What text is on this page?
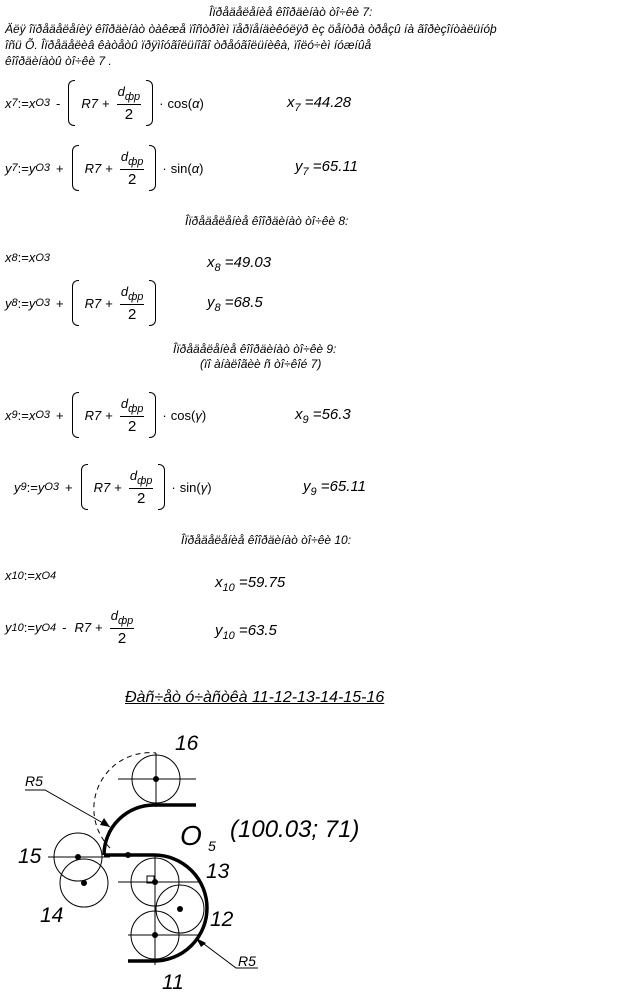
Îïðåäåëåíèå êîîðäèíàò òî÷êè 7:
Äëÿ îïðåäåëåíèÿ êîîðäèíàò òàêæå ïîñòðîèì ïåðïåíäèêóëÿð èç öåíòðà òðåçû íà ãîðèçîíòàëüíóþ
îñü Õ. Îïðåäåëèâ êàòåòû ïðÿìîóãîëüíîãî òðåóãîëüíèêà, ïîëó÷èì íóæíûå
êîîðäèíàòû òî÷êè 7 .
x 7 := x $O3 - R7 + \frac{d_{фр}}{2} \cdot \cos$ ( α )	$x_7 =44.28$
y 7 := y $O3 + R7 + \frac{d_{фр}}{2} \cdot \sin$ ( α )	$y_7 =65.11$
Îïðåäåëåíèå êîîðäèíàò òî÷êè 8:
x 8 := x O3	$x_8 =49.03$
y 8 := y $O3 + R7 + \frac{d_{фр}}{2}$	$y_8 =68.5$
Îïðåäåëåíèå êîîðäèíàò òî÷êè 9:
(ïî àíàëîãèè ñ òî÷êîé 7)
x 9 := x $O3 + R7 + \frac{d_{фр}}{2} \cdot \cos$ ( γ )	$x_9 =56.3$
y 9 := y $O3 + R7 + \frac{d_{фр}}{2} \cdot \sin$ ( γ )	$y_9 =65.11$
Îïðåäåëåíèå êîîðäèíàò òî÷êè 10:
x 10 := x O4	$x_{10} =59.75$
y 10 := y $O4 - R7 + \frac{d_{фр}}{2}$	$y_{10} =63.5$
Ðàñ÷åò ó÷àñòêà 11-12-13-14-15-16
16
15
14
13
12
11
R5
R5
O 5
(100.03; 71)
